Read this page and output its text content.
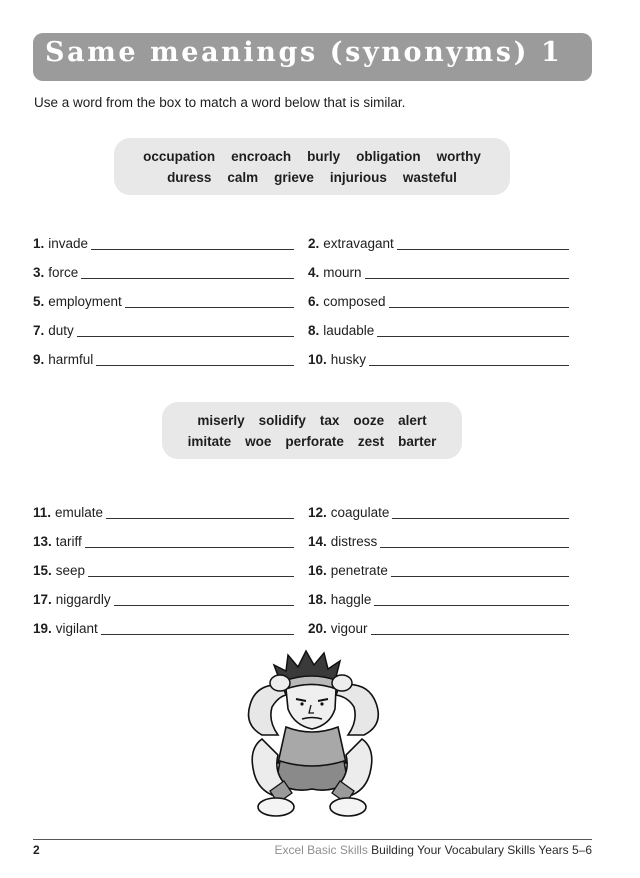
Same meanings (synonyms) 1
Use a word from the box to match a word below that is similar.
occupation encroach burly obligation worthy
duress calm grieve injurious wasteful
miserly solidify tax ooze alert
imitate woe perforate zest barter
1. invade	2. extravagant
3. force	4. mourn
5. employment	6. composed
7. duty	8. laudable
9. harmful	10. husky
11. emulate	12. coagulate
13. tariff	14. distress
15. seep	16. penetrate
17. niggardly	18. haggle
19. vigilant	20. vigour
2	Excel Basic Skills Building Your Vocabulary Skills Years 5–6
